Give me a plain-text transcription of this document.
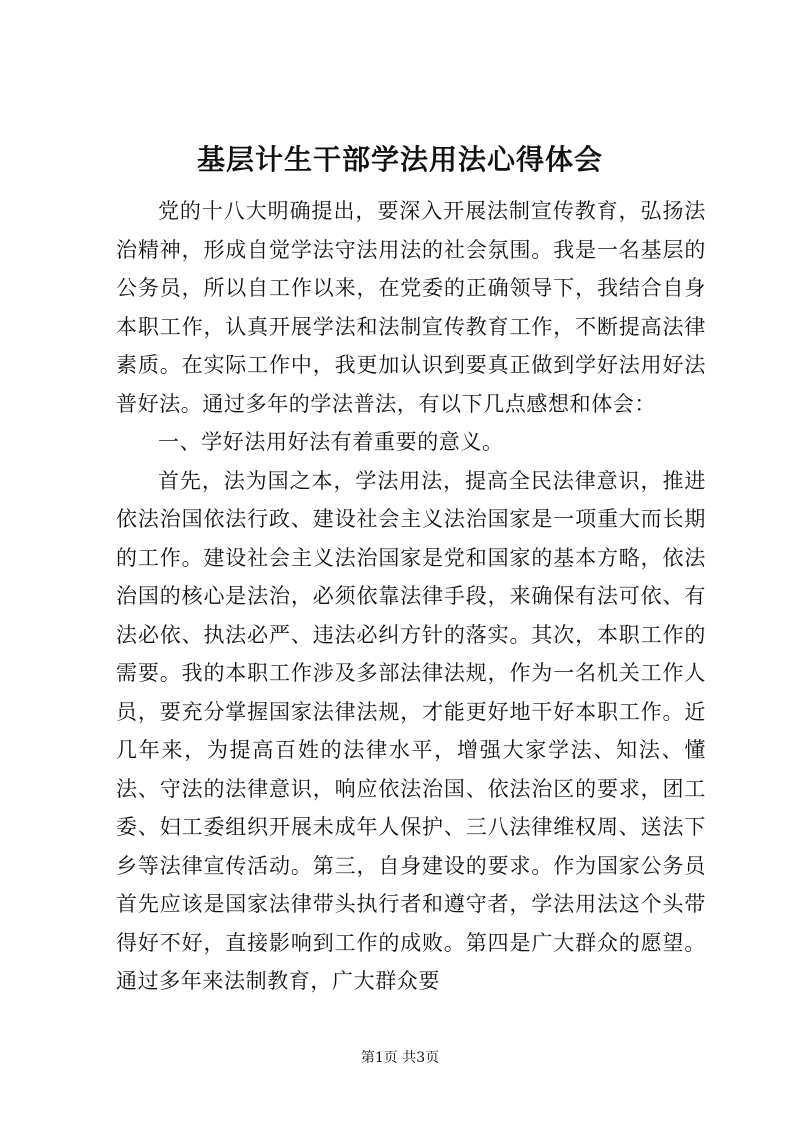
基层计生干部学法用法心得体会

党的十八大明确提出，要深入开展法制宣传教育，弘扬法治精神，形成自觉学法守法用法的社会氛围。我是一名基层的公务员，所以自工作以来，在党委的正确领导下，我结合自身本职工作，认真开展学法和法制宣传教育工作，不断提高法律素质。在实际工作中，我更加认识到要真正做到学好法用好法普好法。通过多年的学法普法，有以下几点感想和体会：

一、学好法用好法有着重要的意义。

首先，法为国之本，学法用法，提高全民法律意识，推进依法治国依法行政、建设社会主义法治国家是一项重大而长期的工作。建设社会主义法治国家是党和国家的基本方略，依法治国的核心是法治，必须依靠法律手段，来确保有法可依、有法必依、执法必严、违法必纠方针的落实。其次，本职工作的需要。我的本职工作涉及多部法律法规，作为一名机关工作人员，要充分掌握国家法律法规，才能更好地干好本职工作。近几年来，为提高百姓的法律水平，增强大家学法、知法、懂法、守法的法律意识，响应依法治国、依法治区的要求，团工委、妇工委组织开展未成年人保护、三八法律维权周、送法下乡等法律宣传活动。第三，自身建设的要求。作为国家公务员首先应该是国家法律带头执行者和遵守者，学法用法这个头带得好不好，直接影响到工作的成败。第四是广大群众的愿望。通过多年来法制教育，广大群众要

第1页 共3页
